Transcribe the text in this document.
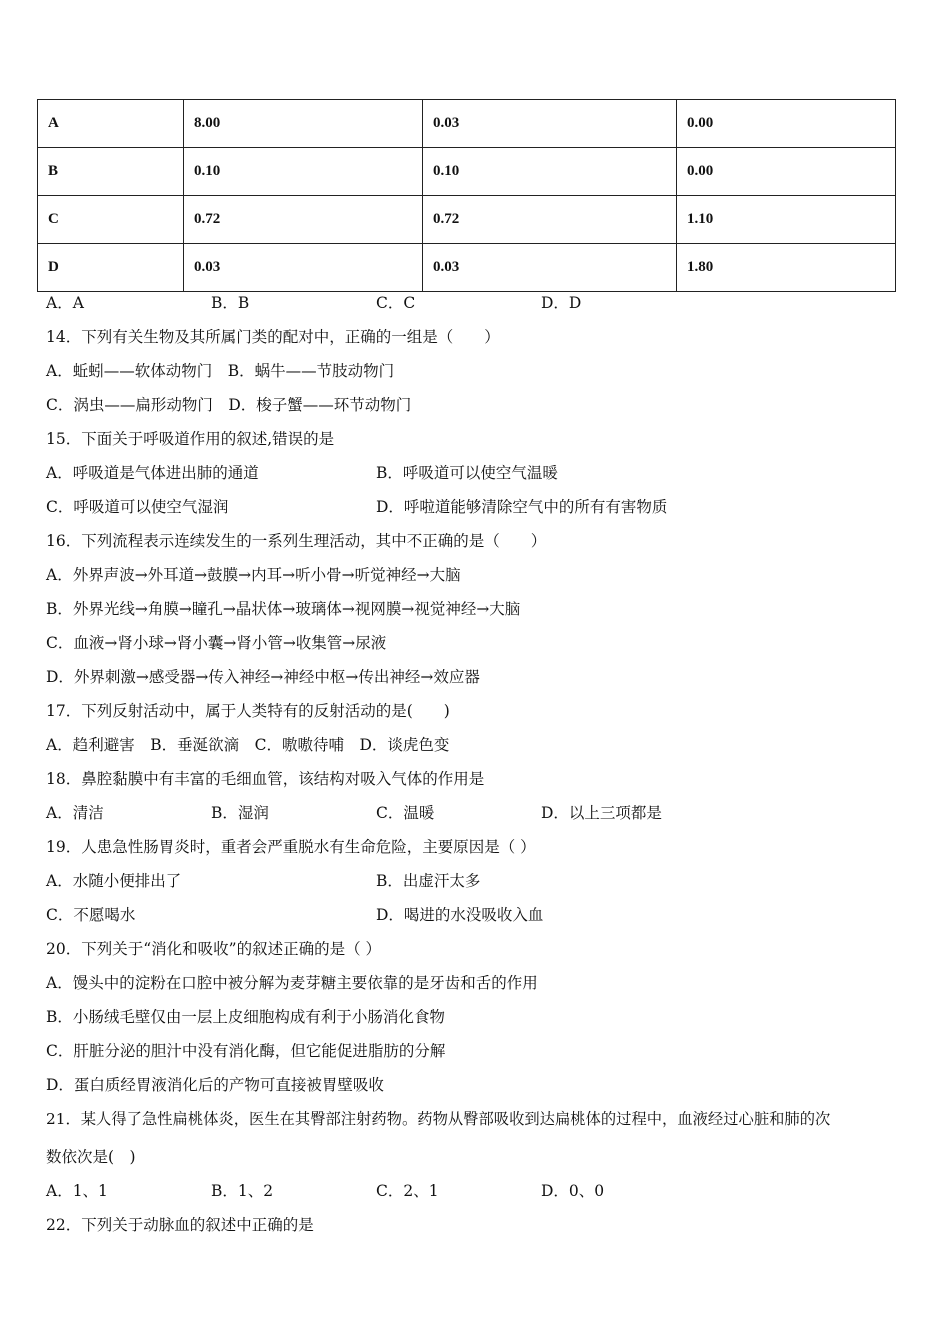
A	8.00	0.03	0.00
B	0.10	0.10	0.00
C	0.72	0.72	1.10
D	0.03	0.03	1.80
A．A	B．B	C．C	D．D
14．下列有关生物及其所属门类的配对中，正确的一组是（　　）
A．蚯蚓——软体动物门　B．蜗牛——节肢动物门
C．涡虫——扁形动物门　D．梭子蟹——环节动物门
15．下面关于呼吸道作用的叙述,错误的是
A．呼吸道是气体进出肺的通道	B．呼吸道可以使空气温暖
C．呼吸道可以使空气湿润	D．呼啦道能够清除空气中的所有有害物质
16．下列流程表示连续发生的一系列生理活动，其中不正确的是（　　）
A．外界声波→外耳道→鼓膜→内耳→听小骨→听觉神经→大脑
B．外界光线→角膜→瞳孔→晶状体→玻璃体→视网膜→视觉神经→大脑
C．血液→肾小球→肾小囊→肾小管→收集管→尿液
D．外界刺激→感受器→传入神经→神经中枢→传出神经→效应器
17．下列反射活动中，属于人类特有的反射活动的是(　　)
A．趋利避害　B．垂涎欲滴　C．嗷嗷待哺　D．谈虎色变
18．鼻腔黏膜中有丰富的毛细血管，该结构对吸入气体的作用是
A．清洁	B．湿润	C．温暖	D．以上三项都是
19．人患急性肠胃炎时，重者会严重脱水有生命危险，主要原因是（ ）
A．水随小便排出了	B．出虚汗太多
C．不愿喝水	D．喝进的水没吸收入血
20．下列关于“消化和吸收”的叙述正确的是（ ）
A．馒头中的淀粉在口腔中被分解为麦芽糖主要依靠的是牙齿和舌的作用
B．小肠绒毛壁仅由一层上皮细胞构成有利于小肠消化食物
C．肝脏分泌的胆汁中没有消化酶，但它能促进脂肪的分解
D．蛋白质经胃液消化后的产物可直接被胃壁吸收
21．某人得了急性扁桃体炎，医生在其臀部注射药物。药物从臀部吸收到达扁桃体的过程中，血液经过心脏和肺的次
数依次是(　)
A．1、1	B．1、2	C．2、1	D．0、0
22．下列关于动脉血的叙述中正确的是
